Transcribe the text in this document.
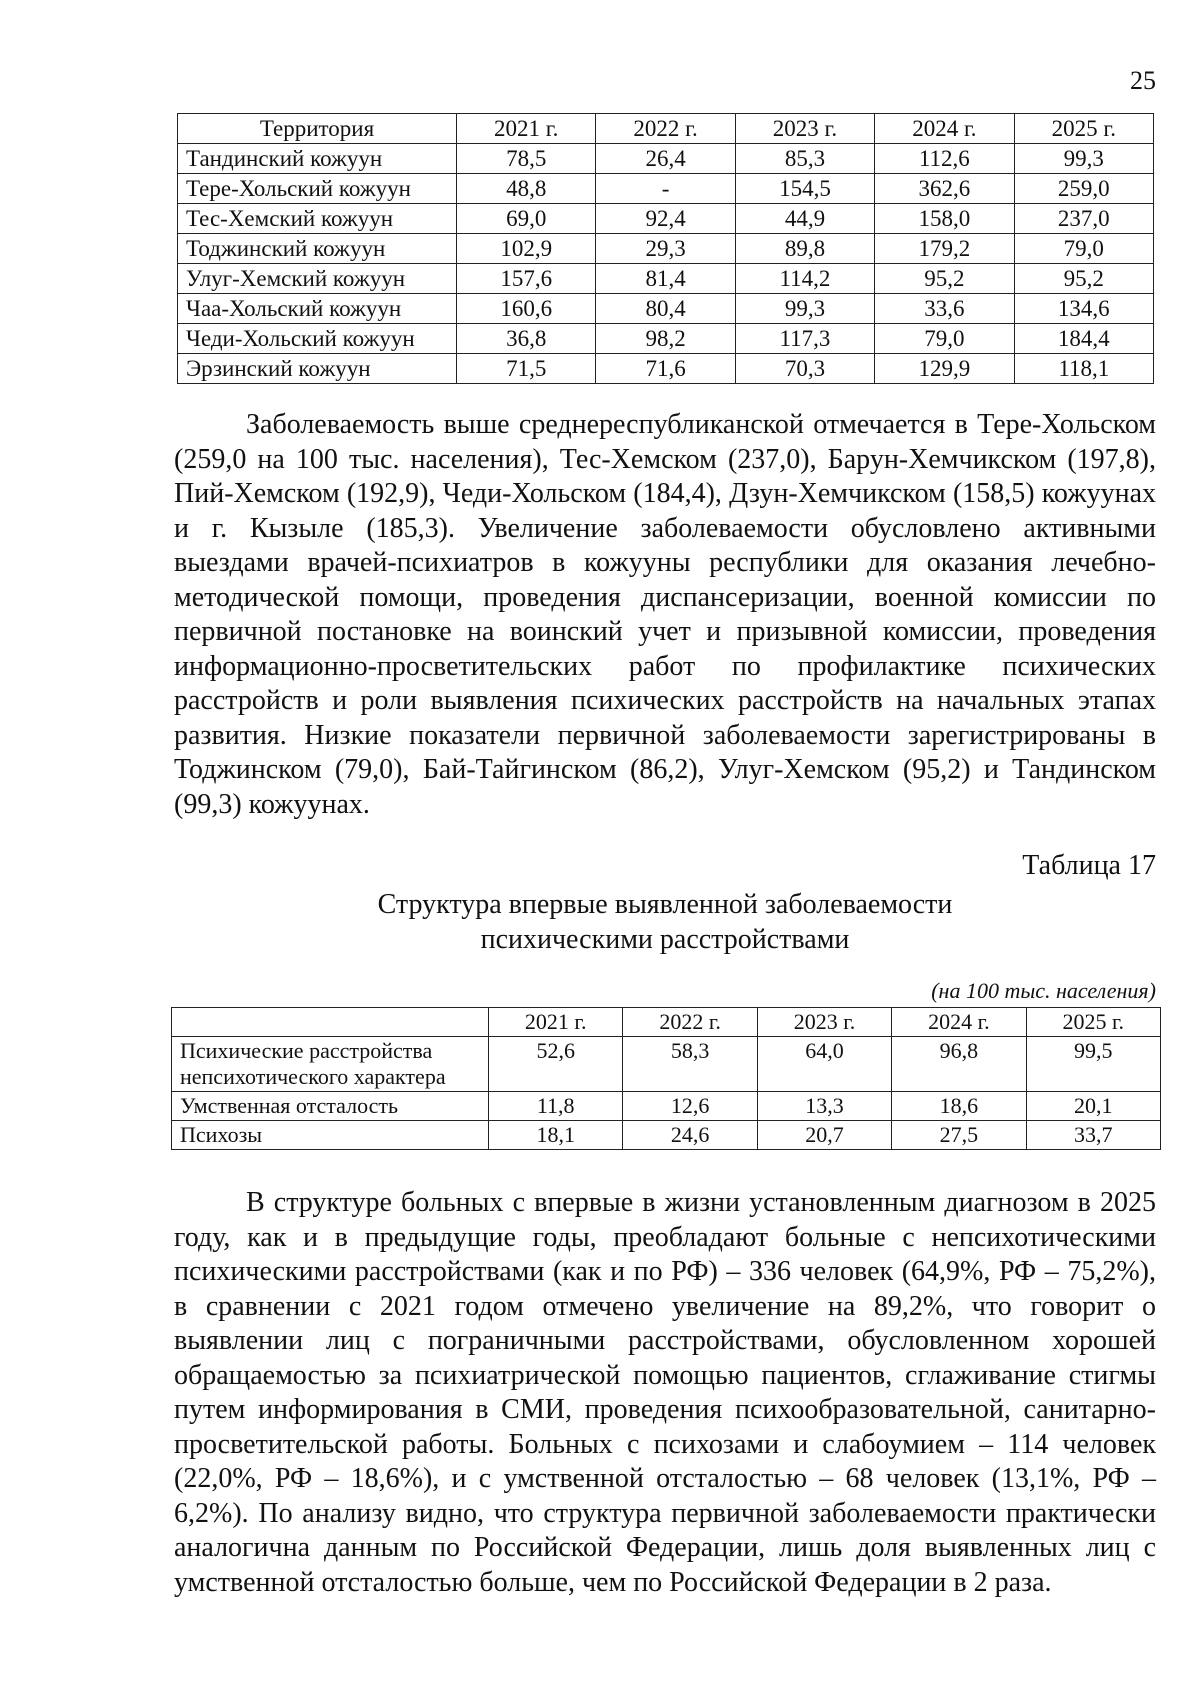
25
Территория	2021 г.	2022 г.	2023 г.	2024 г.	2025 г.
Тандинский кожуун	78,5	26,4	85,3	112,6	99,3
Тере-Хольский кожуун	48,8	-	154,5	362,6	259,0
Тес-Хемский кожуун	69,0	92,4	44,9	158,0	237,0
Тоджинский кожуун	102,9	29,3	89,8	179,2	79,0
Улуг-Хемский кожуун	157,6	81,4	114,2	95,2	95,2
Чаа-Хольский кожуун	160,6	80,4	99,3	33,6	134,6
Чеди-Хольский кожуун	36,8	98,2	117,3	79,0	184,4
Эрзинский кожуун	71,5	71,6	70,3	129,9	118,1

Заболеваемость выше среднереспубликанской отмечается в Тере-Хольском (259,0 на 100 тыс. населения), Тес-Хемском (237,0), Барун-Хемчикском (197,8), Пий-Хемском (192,9), Чеди-Хольском (184,4), Дзун-Хемчикском (158,5) кожуунах и г. Кызыле (185,3). Увеличение заболеваемости обусловлено активными выездами врачей-психиатров в кожууны республики для оказания лечебно-методической помощи, проведения диспансеризации, военной комиссии по первичной постановке на воинский учет и призывной комиссии, проведения информационно-просветительских работ по профилактике психических расстройств и роли выявления психических расстройств на начальных этапах развития. Низкие показатели первичной заболеваемости зарегистрированы в Тоджинском (79,0), Бай-Тайгинском (86,2), Улуг-Хемском (95,2) и Тандинском (99,3) кожуунах.

Таблица 17
Структура впервые выявленной заболеваемости
психическими расстройствами
(на 100 тыс. населения)
	2021 г.	2022 г.	2023 г.	2024 г.	2025 г.
Психические расстройства непсихотического характера	52,6	58,3	64,0	96,8	99,5
Умственная отсталость	11,8	12,6	13,3	18,6	20,1
Психозы	18,1	24,6	20,7	27,5	33,7

В структуре больных с впервые в жизни установленным диагнозом в 2025 году, как и в предыдущие годы, преобладают больные с непсихотическими психическими расстройствами (как и по РФ) – 336 человек (64,9%, РФ – 75,2%), в сравнении с 2021 годом отмечено увеличение на 89,2%, что говорит о выявлении лиц с пограничными расстройствами, обусловленном хорошей обращаемостью за психиатрической помощью пациентов, сглаживание стигмы путем информирования в СМИ, проведения психообразовательной, санитарно-просветительской работы. Больных с психозами и слабоумием – 114 человек (22,0%, РФ – 18,6%), и с умственной отсталостью – 68 человек (13,1%, РФ – 6,2%). По анализу видно, что структура первичной заболеваемости практически аналогична данным по Российской Федерации, лишь доля выявленных лиц с умственной отсталостью больше, чем по Российской Федерации в 2 раза.
